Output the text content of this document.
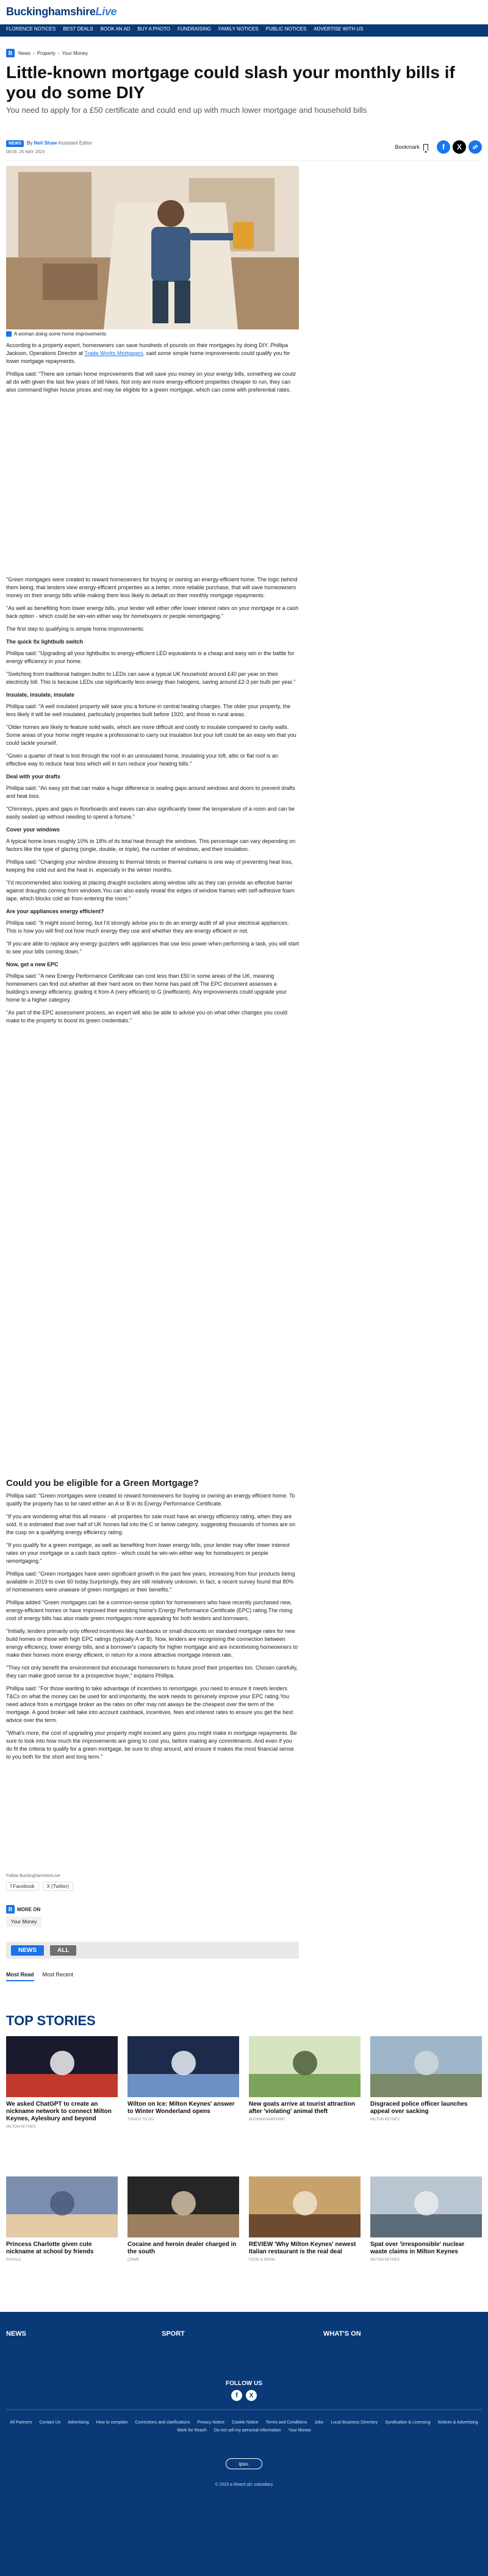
BuckinghamshireLive
FLORENCE NOTICES BEST DEALS BOOK AN AD BUY A PHOTO FUNDRAISING FAMILY NOTICES PUBLIC NOTICES ADVERTISE WITH US
B	News › Property › Your Money
Little-known mortgage could slash your monthly bills if you do some DIY

You need to apply for a £50 certificate and could end up with much lower mortgage and household bills

NEWS	By Neil Shaw Assistant Editor
08:05, 25 MAY 2023
Bookmark	f	X
A woman doing some home improvements

According to a property expert, homeowners can save hundreds of pounds on their mortgages by doing DIY. Phillipa Jackson, Operations Director at Trade Works Mortgages, said some simple home improvements could qualify you for lower mortgage repayments.

Phillipa said: "There are certain home improvements that will save you money on your energy bills, something we could all do with given the last few years of bill hikes. Not only are more energy-efficient properties cheaper to run, they can also command higher house prices and may be eligible for a green mortgage, which can come with preferential rates.

"Green mortgages were created to reward homeowners for buying or owning an energy-efficient home. The logic behind them being, that lenders view energy-efficient properties as a better, more reliable purchase, that will save homeowners money on their energy bills while making them less likely to default on their monthly mortgage repayments.

"As well as benefiting from lower energy bills, your lender will either offer lower interest rates on your mortgage or a cash back option - which could be win-win either way for homebuyers or people remortgaging."

The first step to qualifying is simple home improvements:

The quick fix lightbulb switch

Phillipa said: "Upgrading all your lightbulbs to energy-efficient LED equivalents is a cheap and easy win in the battle for energy efficiency in your home.

"Switching from traditional halogen bulbs to LEDs can save a typical UK household around £40 per year on their electricity bill. This is because LEDs use significantly less energy than halogens, saving around £2-3 per bulb per year."

Insulate, insulate, insulate

Phillipa said: "A well insulated property will save you a fortune in central heating charges. The older your property, the less likely it will be well insulated, particularly properties built before 1920, and those in rural areas.

"Older homes are likely to feature solid walls, which are more difficult and costly to insulate compared to cavity walls. Some areas of your home might require a professional to carry out insulation but your loft could be an easy win that you could tackle yourself.

"Given a quarter of heat is lost through the roof in an uninsulated home, insulating your loft, attic or flat roof is an effective way to reduce heat loss which will in turn reduce your heating bills."

Deal with your drafts

Phillipa said: "An easy job that can make a huge difference is sealing gaps around windows and doors to prevent drafts and heat loss.

"Chimneys, pipes and gaps in floorboards and eaves can also significantly lower the temperature of a room and can be easily sealed up without needing to spend a fortune."

Cover your windows

A typical home loses roughly 10% to 18% of its total heat through the windows. This percentage can vary depending on factors like the type of glazing (single, double, or triple), the number of windows, and their insulation.

Phillipa said: "Changing your window dressing to thermal blinds or thermal curtains is one way of preventing heat loss, keeping the cold out and the heat in, especially in the winter months.

"I'd recommended also looking at placing draught excluders along window sills as they can provide an effective barrier against draughts coming from windows.You can also easily reseal the edges of window frames with self-adhesive foam tape, which blocks cold air from entering the room."

Are your appliances energy efficient?

Phillipa said: "It might sound boring, but I'd strongly advise you to do an energy audit of all your electrical appliances. This is how you will find out how much energy they use and whether they are energy efficient or not.

"If you are able to replace any energy guzzlers with appliances that use less power when performing a task, you will start to see your bills coming down."

Now, get a new EPC

Phillipa said: "A new Energy Performance Certificate can cost less than £50 in some areas of the UK, meaning homeowners can find out whether all their hard work on their home has paid off.The EPC document assesses a building's energy efficiency, grading it from A (very efficient) to G (inefficient). Any improvements could upgrade your home to a higher category.

"As part of the EPC assessment process, an expert will also be able to advise you on what other changes you could make to the property to boost its green credentials."

Could you be eligible for a Green Mortgage?

Phillipa said: "Green mortgages were created to reward homeowners for buying or owning an energy efficient home. To qualify the property has to be rated either an A or B in its Energy Performance Certificate.

"If you are wondering what this all means - all properties for sale must have an energy efficiency rating, when they are sold. It is estimated that over half of UK homes fall into the C or below category, suggesting thousands of homes are on the cusp on a qualifying energy efficiency rating.

"If you qualify for a green mortgage, as well as benefiting from lower energy bills, your lender may offer lower interest rates on your mortgage or a cash back option - which could be win-win either way for homebuyers or people remortgaging."

Phillipa said: "Green mortgages have seen significant growth in the past few years, increasing from four products being available in 2019 to over 60 today.Surprisingly, they are still relatively unknown. In fact, a recent survey found that 80% of homeowners were unaware of green mortgages or their benefits."

Phillipa added "Green mortgages can be a common-sense option for homeowners who have recently purchased new, energy-efficient homes or have improved their existing home's Energy Performance Certificate (EPC) rating.The rising cost of energy bills has also made green mortgages more appealing for both lenders and borrowers.

"Initially, lenders primarily only offered incentives like cashbacks or small discounts on standard mortgage rates for new build homes or those with high EPC ratings (typically A or B). Now, lenders are recognising the connection between energy efficiency, lower energy bills, and a borrower's capacity for higher mortgage and are incentivising homeowners to make their homes more energy efficient, in return for a more attractive mortgage interest rate.

"They not only benefit the environment but encourage homeowners to future proof their properties too. Chosen carefully, they can make good sense for a prospective buyer," explains Phillipa.

Phillipa said: "For those wanting to take advantage of incentives to remortgage, you need to ensure it meets lenders T&Cs on what the money can be used for and importantly, the work needs to genuinely improve your EPC rating.You need advice from a mortgage broker as the rates on offer may not always be the cheapest over the term of the mortgage. A good broker will take into account cashback, incentives, fees and interest rates to ensure you get the best advice over the term.

"What's more, the cost of upgrading your property might exceed any gains you might make in mortgage repayments. Be sure to look into how much the improvements are going to cost you, before making any commitments. And even if you do fit the criteria to qualify for a green mortgage, be sure to shop around, and ensure it makes the most financial sense to you both for the short and long term."

Follow BuckinghamshireLive
f Facebook	X (Twitter)
B MORE ON
Your Money
NEWS	ALL
Most Read Most Recent
TOP STORIES
We asked ChatGPT to create an nickname network to connect Milton Keynes, Aylesbury and beyond
MILTON KEYNES
Wilton on Ice: Milton Keynes' answer to Winter Wonderland opens
THINGS TO DO
New goats arrive at tourist attraction after 'violating' animal theft
BUCKINGHAMSHIRE
Disgraced police officer launches appeal over sacking
MILTON KEYNES
Princess Charlotte given cute nickname at school by friends
ROYALS
Cocaine and heroin dealer charged in the south
CRIME
REVIEW 'Why Milton Keynes' newest Italian restaurant is the real deal
FOOD & DRINK
Spat over 'irresponsible' nuclear waste claims in Milton Keynes
MILTON KEYNES
NEWS	SPORT	WHAT'S ON
FOLLOW US
f	X
All Partners Contact Us Advertising How to complain Corrections and clarifications Privacy Notice Cookie Notice Terms and Conditions Jobs Local Business Directory Syndication & Licensing Notices & Advertising
Work for Reach Do not sell my personal information Your Money
ipso.
© 2023 a Reach plc subsidiary
